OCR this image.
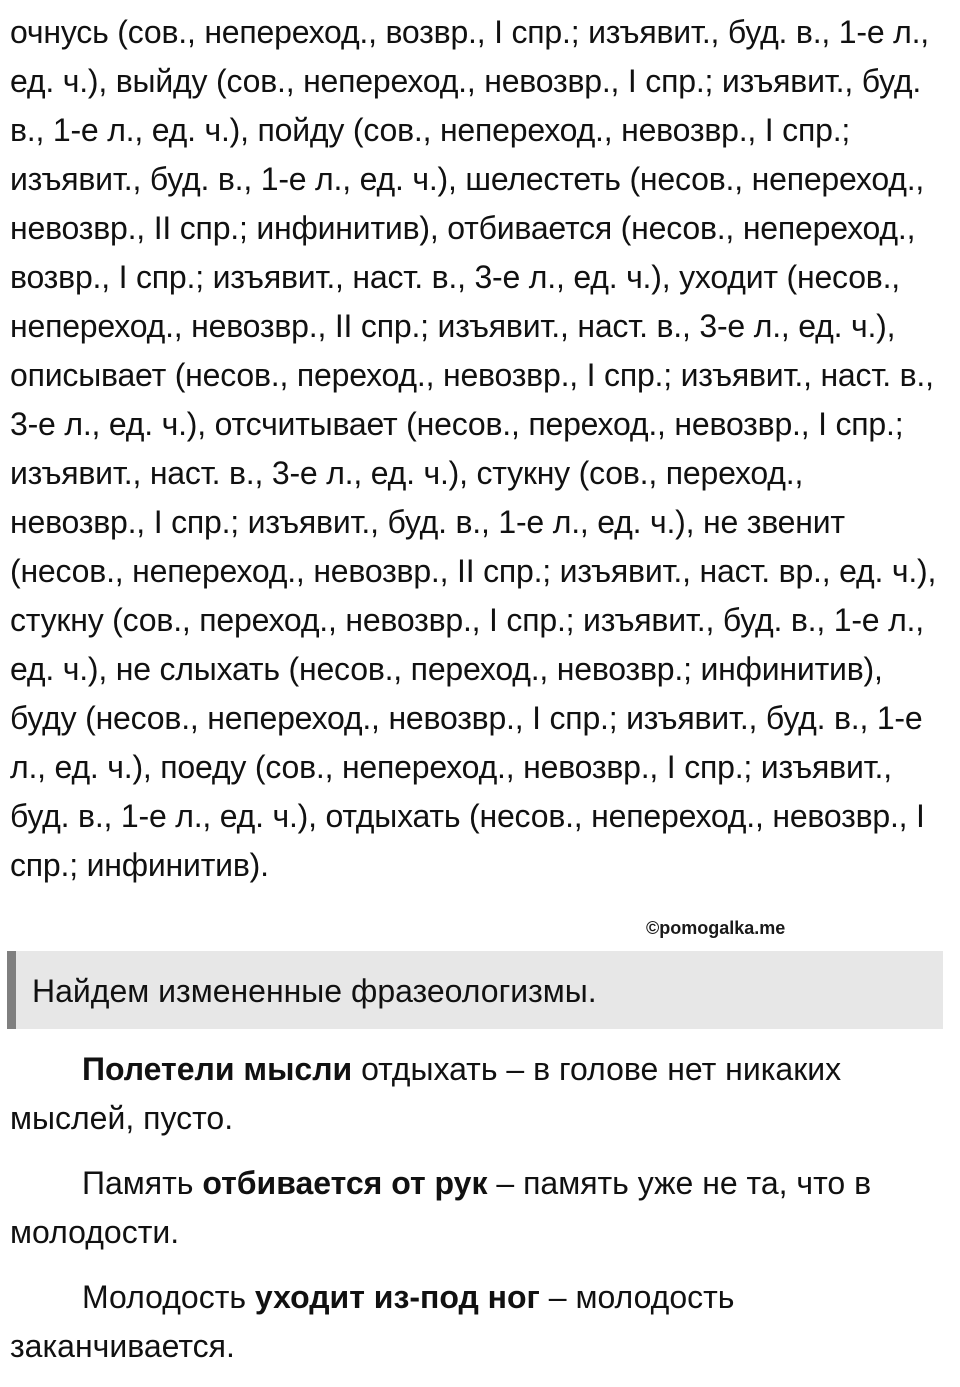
очнусь (сов., непереход., возвр., I спр.; изъявит., буд. в., 1-е л., ед. ч.), выйду (сов., непереход., невозвр., I спр.; изъявит., буд. в., 1-е л., ед. ч.), пойду (сов., непереход., невозвр., I спр.; изъявит., буд. в., 1-е л., ед. ч.), шелестеть (несов., непереход., невозвр., II спр.; инфинитив), отбивается (несов., непереход., возвр., I спр.; изъявит., наст. в., 3-е л., ед. ч.), уходит (несов., непереход., невозвр., II спр.; изъявит., наст. в., 3-е л., ед. ч.), описывает (несов., переход., невозвр., I спр.; изъявит., наст. в., 3-е л., ед. ч.), отсчитывает (несов., переход., невозвр., I спр.; изъявит., наст. в., 3-е л., ед. ч.), стукну (сов., переход., невозвр., I спр.; изъявит., буд. в., 1-е л., ед. ч.), не звенит (несов., непереход., невозвр., II спр.; изъявит., наст. вр., ед. ч.), стукну (сов., переход., невозвр., I спр.; изъявит., буд. в., 1-е л., ед. ч.), не слыхать (несов., переход., невозвр.; инфинитив), буду (несов., непереход., невозвр., I спр.; изъявит., буд. в., 1-е л., ед. ч.), поеду (сов., непереход., невозвр., I спр.; изъявит., буд. в., 1-е л., ед. ч.), отдыхать (несов., непереход., невозвр., I спр.; инфинитив).

©pomogalka.me
Найдем измененные фразеологизмы.

Полетели мысли отдыхать – в голове нет никаких мыслей, пусто.

Память отбивается от рук – память уже не та, что в молодости.

Молодость уходит из-под ног – молодость заканчивается.
